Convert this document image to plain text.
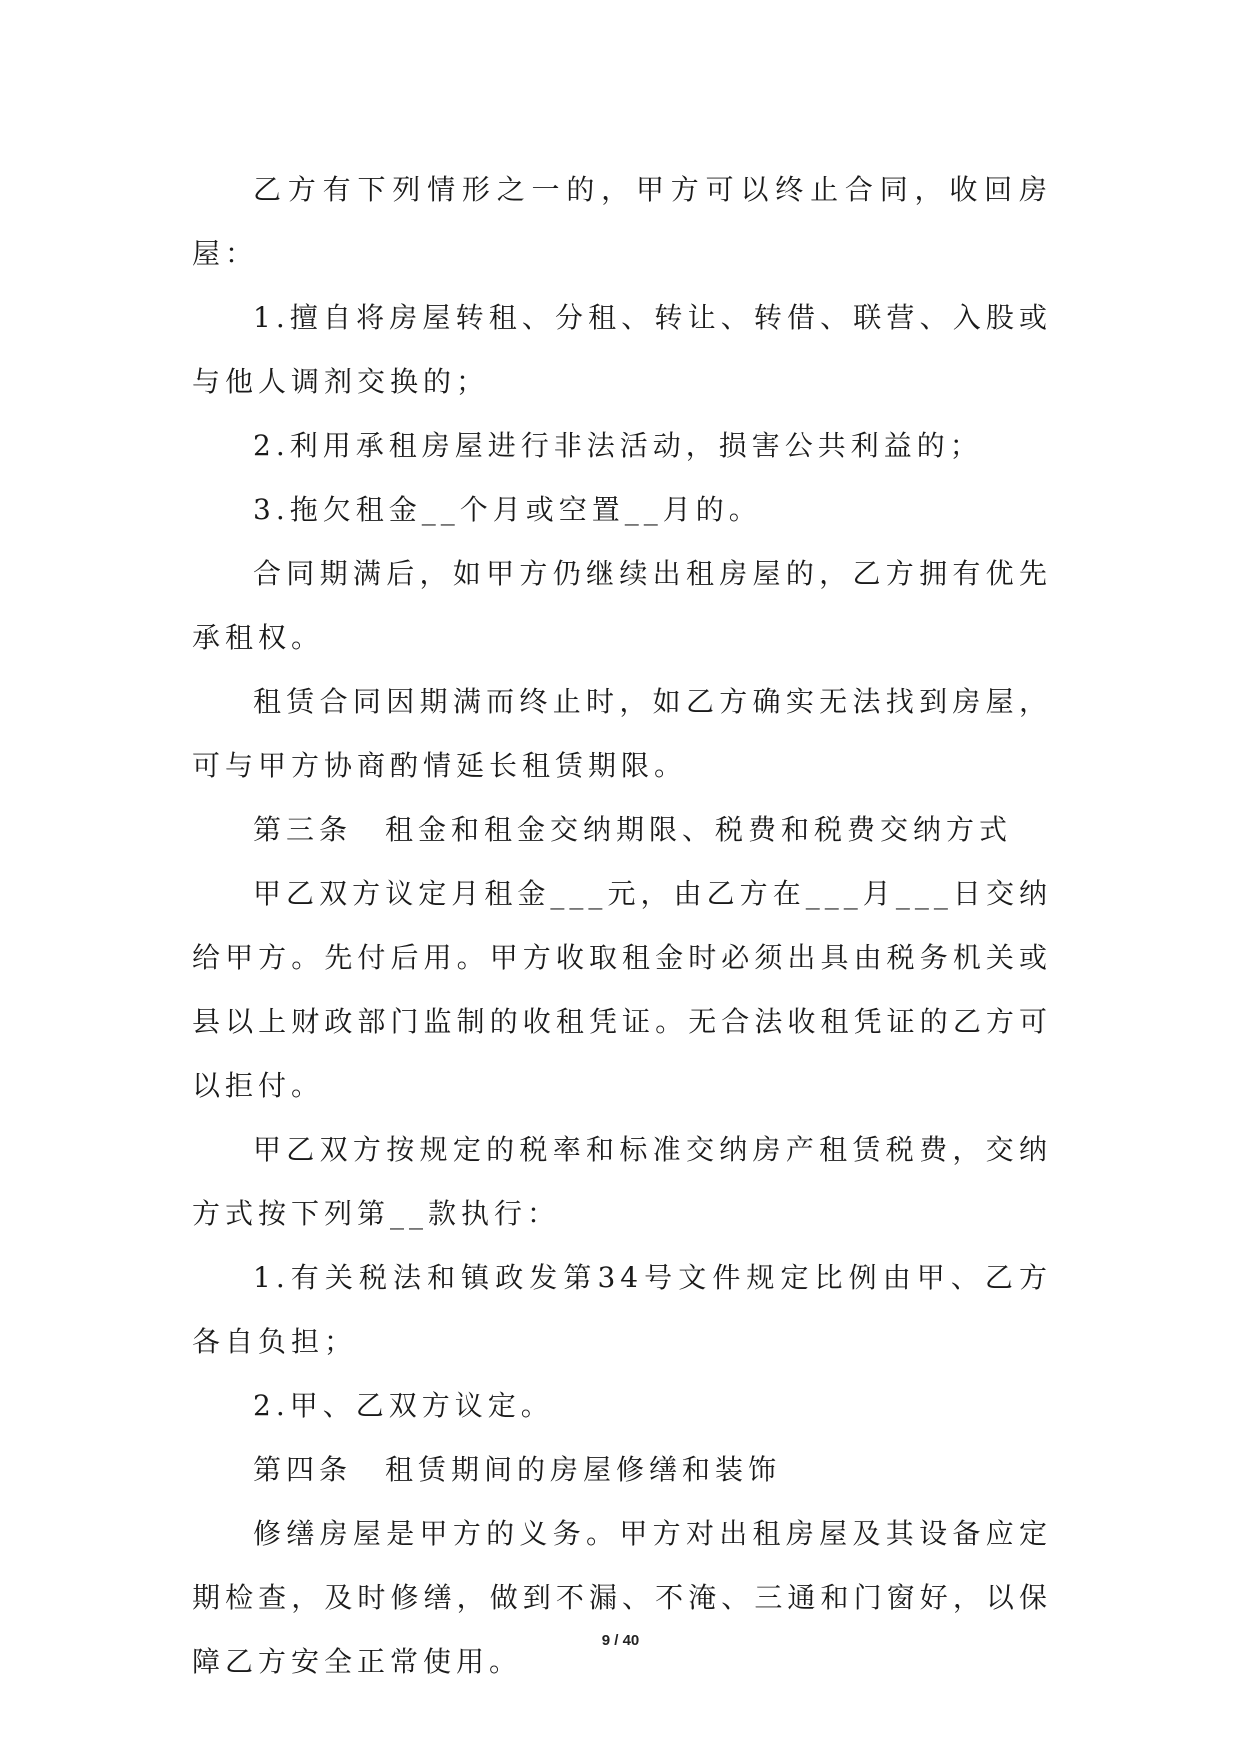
乙方有下列情形之一的，甲方可以终止合同，收回房屋：

1.擅自将房屋转租、分租、转让、转借、联营、入股或与他人调剂交换的；

2.利用承租房屋进行非法活动，损害公共利益的；

3.拖欠租金__个月或空置__月的。

合同期满后，如甲方仍继续出租房屋的，乙方拥有优先承租权。

租赁合同因期满而终止时，如乙方确实无法找到房屋，可与甲方协商酌情延长租赁期限。

第三条　租金和租金交纳期限、税费和税费交纳方式

甲乙双方议定月租金___元，由乙方在___月___日交纳给甲方。先付后用。甲方收取租金时必须出具由税务机关或县以上财政部门监制的收租凭证。无合法收租凭证的乙方可以拒付。

甲乙双方按规定的税率和标准交纳房产租赁税费，交纳方式按下列第__款执行：

1.有关税法和镇政发第34号文件规定比例由甲、乙方各自负担；

2.甲、乙双方议定。

第四条　租赁期间的房屋修缮和装饰

修缮房屋是甲方的义务。甲方对出租房屋及其设备应定期检查，及时修缮，做到不漏、不淹、三通和门窗好，以保障乙方安全正常使用。

9 / 40
